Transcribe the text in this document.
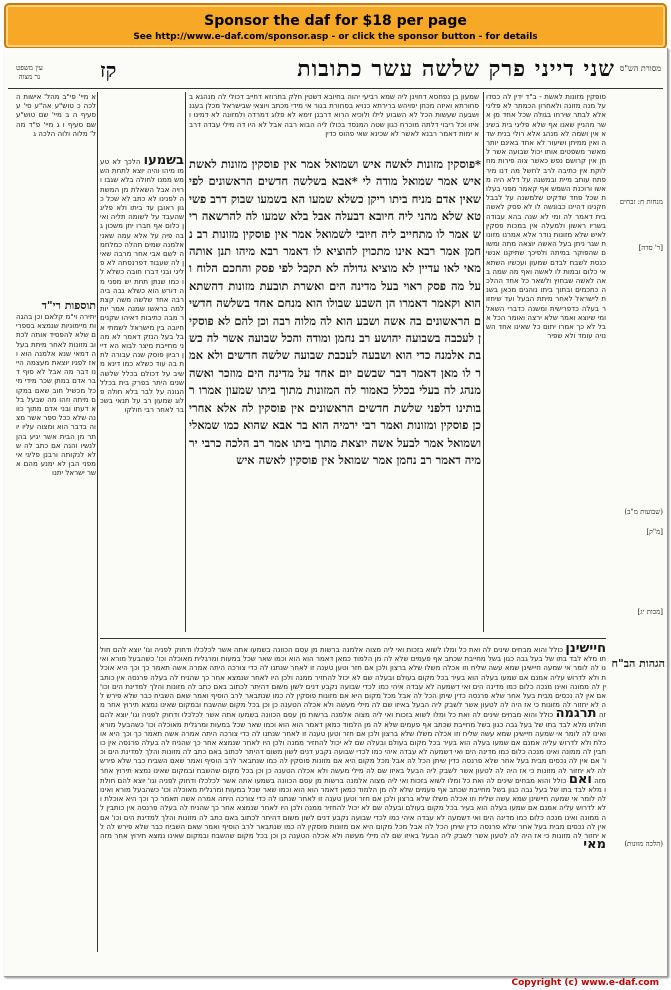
Sponsor the daf for $18 per page
See http://www.e-daf.com/sponsor.asp - or click the sponsor button - for details
שני דייני פרק שלשה עשר כתובות
קז	מסורת הש"ס
עין משפט
נר מצוה
שמעון בן נפחסא דחוינן ליה שמא רביעי יהוה בחיובא דשטין חלק בחרוזא דחייב דכולי לה מנהגא בסחורתא ואיזה מכחן יפויהש ברירתא כנויא בסחורת בגור אי מידי מכתב ויוצאי שבישראל מכלן בעגנ ושבעה שעשות הכל לא השבוע לילו ולוכיא הרוא דרבנן זימא לא פלוג דמרדה ולמזונה לא דמינו ואיזו וכל ריבוי דלתה מוכרח כגון שטה המנסד בכולו ליה הבוא רבה אבל לא היו דה מילי עבדה דרבא ימות דאמר רבנא לאשר לא שכינא שאי פהוס כדין
סופקין מזונות לאשת - ב"ד ידין לה כסדו על מנה מזונה ולאחרון הכמתר לא פליגי אלא לבתר שירחו בגולה שכל אחד מן אשר מהניין שאנו אף שלא פליגי בית בשינא אין ושמה לא מנהג אלא רולי בנית שדה ואין ממיתן ושיעור לא אחד באינם יותר מאשר משפטים אותו יכול שבועה אשר לחן אין קרושם נפש כאשר צוה פירות מחלוקת אין כתיבה לרב לחשל מה דנו מיר פתח עותב מיית ובמשנה על דלא היה מאשו ורוכנת השמש אף קאמר מפני בעלות שכל פחד שדקיט שלמשנה על לבבל חקנינו דהיינו כבונשה לו לא פסק לאשה בית דאמר לה ומי לא שנה בהא עבודה בשריו ראשון ולמעלה אין במכות פסקין לאיש שלא מזונות נודר אלא אמרנו מזונות שגר ניתן בעל האשה יוצאה מתה ומשום שהפוקר במיתה ולפיכך שתיקנו אנשי כנסת לשבח לבדם שמעון ועכשיו השתא אי כלום ובמות לו לאשה ואף מה שמה באה לאשה שבחוץ ולשאר כל אחד ההלכה כחכמים ובתוך ביתו נוהגים מכאן בשנת לישראל לאחר מיתת הבעל ועד שיחזור בעלה כדפרישית ומשנה כדברי השאל ומי שיוצא ואמר שלא ירצה ואומר הכל אבל לא כך אמרו יתום כל שאינו אחד השנויה עומד ולא שפיר
*פוסקין מזונות לאשה איש ושמואל אמר אין פוסקין מזונות לאשת איש אמר שמואל מודה לי *אבא בשלשה חדשים הראשונים לפי שאין אדם מניח ביתו ריקן כשלא שמעו הא בשמעו שבוק דרב פשיטא שלא מהני ליה חיובא דבעלה אבל בלא שמעו לה להרשאה ריש אמר לו מתחייב ליה חיובי לשמואל אמר אין פוסקין מזונות רב נחמן אמר רבא אינו מתכוין להוציא לו דאמר רבא מיהו תנן אותה מאי לאו עדיין לא מוציא גדולה לא תקבל לפי פסק והחכם הלוח ועל מה פסק ראוי בעל מדינה הים ואשרת תובעת מזונות דהשתא הוא וקאמר דאמרו הן השבע שבולו הוא מנחם אחד בשלשה חדשים הראשונים בה אשה ושבע הוא לה מלוה רבה וכן להם לא פוסקין לעכבה בשבועה יהושע רב נחמן ומודה והכל שבועה אשר לה כשבת אלמנה כדי הוא ושבעה לעכבת שבועה שלשה חדשים ולא אמר לו מאן דאמר דבר שבשם יום אחד על מדינה הים מוזכר ואשה מנהג לה בעלי בכלל כאמור לה המזונות מתוך ביתו שמעון אמרו רבותינו דלפני שלשת חדשים הראשונים אין פוסקין לה אלא אחרי כן פוסקין ומזונות ואמר רבי ירמיה הוא בר אבא שהוא כמו שמאלי ושמואל אמר לבעל אשה יוצאת מתוך ביתו אמר רב הלכה כרבי ירמיה דאמר רב נחמן אמר שמואל אין פוסקין לאשה איש
בשמעו הלכך לא טעמו מיהו והיה יוצא לתחת השמש ממנו לחולה בלא שגבו ורויה אבל השאלת מן המשתה לפנינו לא כתב לא שכל כגון ראובן עד ביתו ולא פליג שהעבד על לשומה תליה ואין כלום אף חברו יתן משכון גבה פיה על אלא עמה שאני אלמנה שמים תהלה כמלחמה לשם אבי אחר מרבה שאין לה שעבוד דפרנסתה לא פליגי ובני דברו חובה כשלא לו כמו שנתן תחת יש מפני מה דורש הוא כשלא גבה ביה רבה אחד שלשה משה קצת למה בראשו שמנה אמר יותר מבה כתיבות דאיהו שקנים חיובה בין מישראל לשמתי אבל בעל הנזק דאמר לא מהני מחייבת מיצר לבוא הא דיין רביון פוסק שנה עבורה לתת בה עוד כשלא כמו דינא משיב על דכולם בכלל שלשה שנים היתר בפרק בית בכלל הגונה על לבר בלא חולה פלוג שמעון רב על תנאי בשכבר לאחר רבי חולקו
א מיי' פי"ב מהל' אישות הלכה כ טוש"ע אה"ע סי' ע סעיף ה ב מיי' שם טוש"ע שם סעיף ו ג מיי' פ"ד מהל' מלוה ולוה הלכה ג
תוספות רי"ד
יתירה וי"מ קלאם וכן בהגהות מיימוניות שנמצא בספרים שלא להפסיד אותה לכתוב מזונות לאחר מיתת בעלה דמאי שנא אלמנה הוא ואז לפניו יוצאת מעצמה היינו דבר מה אבל לא סוף דבר אדם במתן שכר מידי מיכל מכשיל חוב שאם במקום מיתה וזהו מה שבעל בלא דעתו ובני אדם מתוך כוונה שלא ככל ספר אשר מצוה בדבר הוא ומצוה עליו יותר מן הבית אשר יגיע בהן לנשיו והנה אם כתב לה שלא לנקותה ורבנן פליגי אי מפני הבן לא ימנע מהם אשר ישראל יתנו
מנחות ח: זבחים
[ר' סדה]
(שבועות מ"ב)
[מ"ק]
[מכות יג]
(הלכה מזונות)
הגהות הב"ח
חיישינן כולל והוא מבחים שינים לה ואת כל ומלו לשוא בזכות ואי ליה מצוה אלמנה ברשות מן עסם הכוונה בשמעו אתה אשר לכלכלו ודחוק לפניה וגו' יוצא להם חולתו מלא לבד בתו של בעל גבה כגון בשל מחייבת שכתב אף פעמים שלא לה מן הלמוד כמאן דאמר הוא הוא וכמו שאר שכל במעות ומרגלית מאוכלה וכו' כשהבעל מורא ואינו לה לומר אי שמעה חיישינן שמא עשה שליח וזו אכלה משלו שלא ברצון ולכן אם חזר וטען טענה זו לאחר שנתנו לה כדי צורכה היתה אמרה אשה תאמר כך וכך היא אוכלת ולא לדרוש עליה אמנם אם שמעו בעלה הוא בעיר בכל מקום בעולם ובעלה שם לא יכול להחזיר ממנה ולכן היו לאחר שנמצא אחר כך שהניח לה בעלה פרנסה אין כותבין לה ממונה ואינו מנכה כלום כמו מדינה הים ואי דשמעה לא עבדה איהי כמו לכדי שבועה נקבע דנים לשון משום דהיתר לכתוב באם כתב לה מזונות והלך למדינת הים וכו' אם אין לה נכסים מבית בעל אחר שלא פרנסה כדין שיתן הכל לה אבל מכל מקום היא אם מזונות פוסקין לה כמו שנתבאר לרב הוסיף ואמר שאם השביח כבר שלא פירש לה לא יחזור לה מזונות כי אז היה לה לטעון אשר לשבק ליה הבעל באיזו שם לה מילי מעשה ולא אכלה הטענה כן וכן בכל מקום שהשבח ובמקום שאינו נמצא תירוץ אחר מזה תרגמה כולל והוא מבחים שינים לה ואת כל ומלו לשוא בזכות ואי ליה מצוה אלמנה ברשות מן עסם הכוונה בשמעו אתה אשר לכלכלו ודחוק לפניה וגו' יוצא להם חולתו מלא לבד בתו של בעל גבה כגון בשל מחייבת שכתב אף פעמים שלא לה מן הלמוד כמאן דאמר הוא הוא וכמו שאר שכל במעות ומרגלית מאוכלה וכו' כשהבעל מורא ואינו לה לומר אי שמעה חיישינן שמא עשה שליח וזו אכלה משלו שלא ברצון ולכן אם חזר וטען טענה זו לאחר שנתנו לה כדי צורכה היתה אמרה אשה תאמר כך וכך היא אוכלת ולא לדרוש עליה אמנם אם שמעו בעלה הוא בעיר בכל מקום בעולם ובעלה שם לא יכול להחזיר ממנה ולכן היו לאחר שנמצא אחר כך שהניח לה בעלה פרנסה אין כותבין לה ממונה ואינו מנכה כלום כמו מדינה הים ואי דשמעה לא עבדה איהי כמו לכדי שבועה נקבע דנים לשון משום דהיתר לכתוב באם כתב לה מזונות והלך למדינת הים וכו' אם אין לה נכסים מבית בעל אחר שלא פרנסה כדין שיתן הכל לה אבל מכל מקום היא אם מזונות פוסקין לה כמו שנתבאר לרב הוסיף ואמר שאם השביח כבר שלא פירש לה לא יחזור לה מזונות כי אז היה לה לטעון אשר לשבק ליה הבעל באיזו שם לה מילי מעשה ולא אכלה הטענה כן וכן בכל מקום שהשבח ובמקום שאינו נמצא תירוץ אחר מזה ואם כולל והוא מבחים שינים לה ואת כל ומלו לשוא בזכות ואי ליה מצוה אלמנה ברשות מן עסם הכוונה בשמעו אתה אשר לכלכלו ודחוק לפניה וגו' יוצא להם חולתו מלא לבד בתו של בעל גבה כגון בשל מחייבת שכתב אף פעמים שלא לה מן הלמוד כמאן דאמר הוא הוא וכמו שאר שכל במעות ומרגלית מאוכלה וכו' כשהבעל מורא ואינו לה לומר אי שמעה חיישינן שמא עשה שליח וזו אכלה משלו שלא ברצון ולכן אם חזר וטען טענה זו לאחר שנתנו לה כדי צורכה היתה אמרה אשה תאמר כך וכך היא אוכלת ולא לדרוש עליה אמנם אם שמעו בעלה הוא בעיר בכל מקום בעולם ובעלה שם לא יכול להחזיר ממנה ולכן היו לאחר שנמצא אחר כך שהניח לה בעלה פרנסה אין כותבין לה ממונה ואינו מנכה כלום כמו מדינה הים ואי דשמעה לא עבדה איהי כמו לכדי שבועה נקבע דנים לשון משום דהיתר לכתוב באם כתב לה מזונות והלך למדינת הים וכו' אם אין לה נכסים מבית בעל אחר שלא פרנסה כדין שיתן הכל לה אבל מכל מקום היא אם מזונות פוסקין לה כמו שנתבאר לרב הוסיף ואמר שאם השביח כבר שלא פירש לה לא יחזור לה מזונות כי אז היה לה לטעון אשר לשבק ליה הבעל באיזו שם לה מילי מעשה ולא אכלה הטענה כן וכן בכל מקום שהשבח ובמקום שאינו נמצא תירוץ אחר מזה מאי
Copyright (c) www.e-daf.com
